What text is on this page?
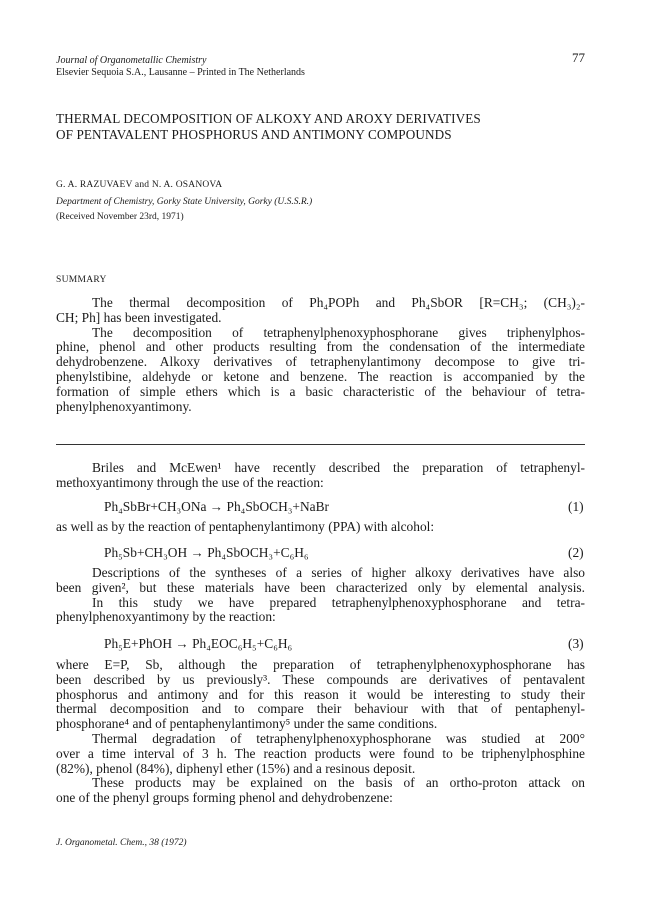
Journal of Organometallic Chemistry
Elsevier Sequoia S.A., Lausanne – Printed in The Netherlands
77
THERMAL DECOMPOSITION OF ALKOXY AND AROXY DERIVATIVES
OF PENTAVALENT PHOSPHORUS AND ANTIMONY COMPOUNDS
G. A. RAZUVAEV and N. A. OSANOVA
Department of Chemistry, Gorky State University, Gorky (U.S.S.R.)
(Received November 23rd, 1971)
SUMMARY
The thermal decomposition of Ph₄POPh and Ph₄SbOR [R=CH₃; (CH₃)₂-
CH; Ph] has been investigated.
The decomposition of tetraphenylphenoxyphosphorane gives triphenylphos-
phine, phenol and other products resulting from the condensation of the intermediate
dehydrobenzene. Alkoxy derivatives of tetraphenylantimony decompose to give tri-
phenylstibine, aldehyde or ketone and benzene. The reaction is accompanied by the
formation of simple ethers which is a basic characteristic of the behaviour of tetra-
phenylphenoxyantimony.
Briles and McEwen¹ have recently described the preparation of tetraphenyl-
methoxyantimony through the use of the reaction:
Ph₄SbBr+CH₃ONa → Ph₄SbOCH₃+NaBr	(1)
as well as by the reaction of pentaphenylantimony (PPA) with alcohol:
Ph₅Sb+CH₃OH → Ph₄SbOCH₃+C₆H₆	(2)
Descriptions of the syntheses of a series of higher alkoxy derivatives have also
been given², but these materials have been characterized only by elemental analysis.
In this study we have prepared tetraphenylphenoxyphosphorane and tetra-
phenylphenoxyantimony by the reaction:
Ph₅E+PhOH → Ph₄EOC₆H₅+C₆H₆	(3)
where E=P, Sb, although the preparation of tetraphenylphenoxyphosphorane has
been described by us previously³. These compounds are derivatives of pentavalent
phosphorus and antimony and for this reason it would be interesting to study their
thermal decomposition and to compare their behaviour with that of pentaphenyl-
phosphorane⁴ and of pentaphenylantimony⁵ under the same conditions.
Thermal degradation of tetraphenylphenoxyphosphorane was studied at 200°
over a time interval of 3 h. The reaction products were found to be triphenylphosphine
(82%), phenol (84%), diphenyl ether (15%) and a resinous deposit.
These products may be explained on the basis of an ortho-proton attack on
one of the phenyl groups forming phenol and dehydrobenzene:
J. Organometal. Chem., 38 (1972)
